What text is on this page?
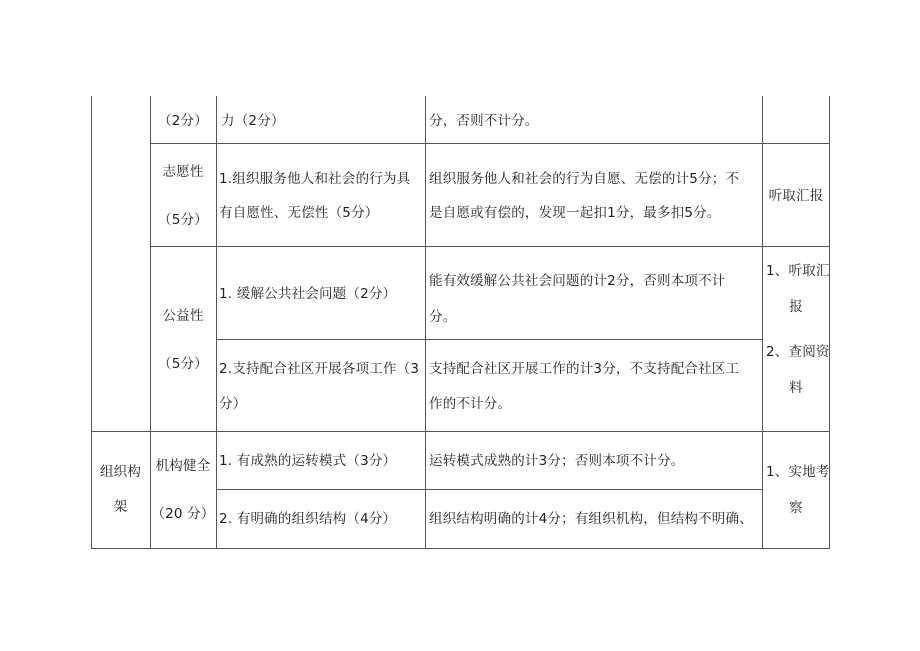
（2分） 力（2分）	分，否则不计分。
志愿性
（5分）
1.组织服务他人和社会的行为具
有自愿性、无偿性（5分）
组织服务他人和社会的行为自愿、无偿的计5分；不
是自愿或有偿的，发现一起扣1分，最多扣5分。
听取汇报
公益性
（5分）
1. 缓解公共社会问题（2分）
能有效缓解公共社会问题的计2分，否则本项不计
分。
2.支持配合社区开展各项工作（3
分）
支持配合社区开展工作的计3分，不支持配合社区工
作的不计分。
1、听取汇
报
2、查阅资
料
组织构
架
机构健全
（20 分）
1. 有成熟的运转模式（3分） 运转模式成熟的计3分；否则本项不计分。
2. 有明确的组织结构（4分） 组织结构明确的计4分；有组织机构，但结构不明确、
1、实地考
察
